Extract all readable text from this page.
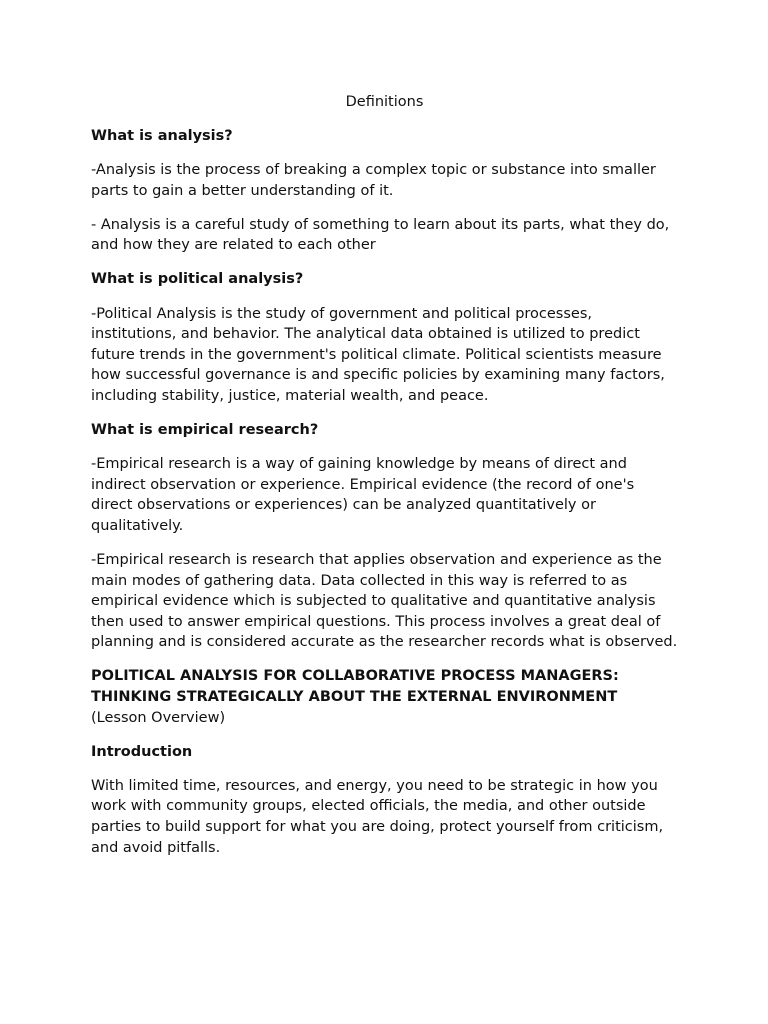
Definitions
What is analysis?
-Analysis is the process of breaking a complex topic or substance into smaller parts to gain a better understanding of it.
- Analysis is a careful study of something to learn about its parts, what they do, and how they are related to each other
What is political analysis?
-Political Analysis is the study of government and political processes, institutions, and behavior. The analytical data obtained is utilized to predict future trends in the government's political climate. Political scientists measure how successful governance is and specific policies by examining many factors, including stability, justice, material wealth, and peace.
What is empirical research?
-Empirical research is a way of gaining knowledge by means of direct and indirect observation or experience. Empirical evidence (the record of one's direct observations or experiences) can be analyzed quantitatively or qualitatively.
-Empirical research is research that applies observation and experience as the main modes of gathering data. Data collected in this way is referred to as empirical evidence which is subjected to qualitative and quantitative analysis then used to answer empirical questions. This process involves a great deal of planning and is considered accurate as the researcher records what is observed.
POLITICAL ANALYSIS FOR COLLABORATIVE PROCESS MANAGERS: THINKING STRATEGICALLY ABOUT THE EXTERNAL ENVIRONMENT
(Lesson Overview)
Introduction
With limited time, resources, and energy, you need to be strategic in how you work with community groups, elected officials, the media, and other outside parties to build support for what you are doing, protect yourself from criticism, and avoid pitfalls.
